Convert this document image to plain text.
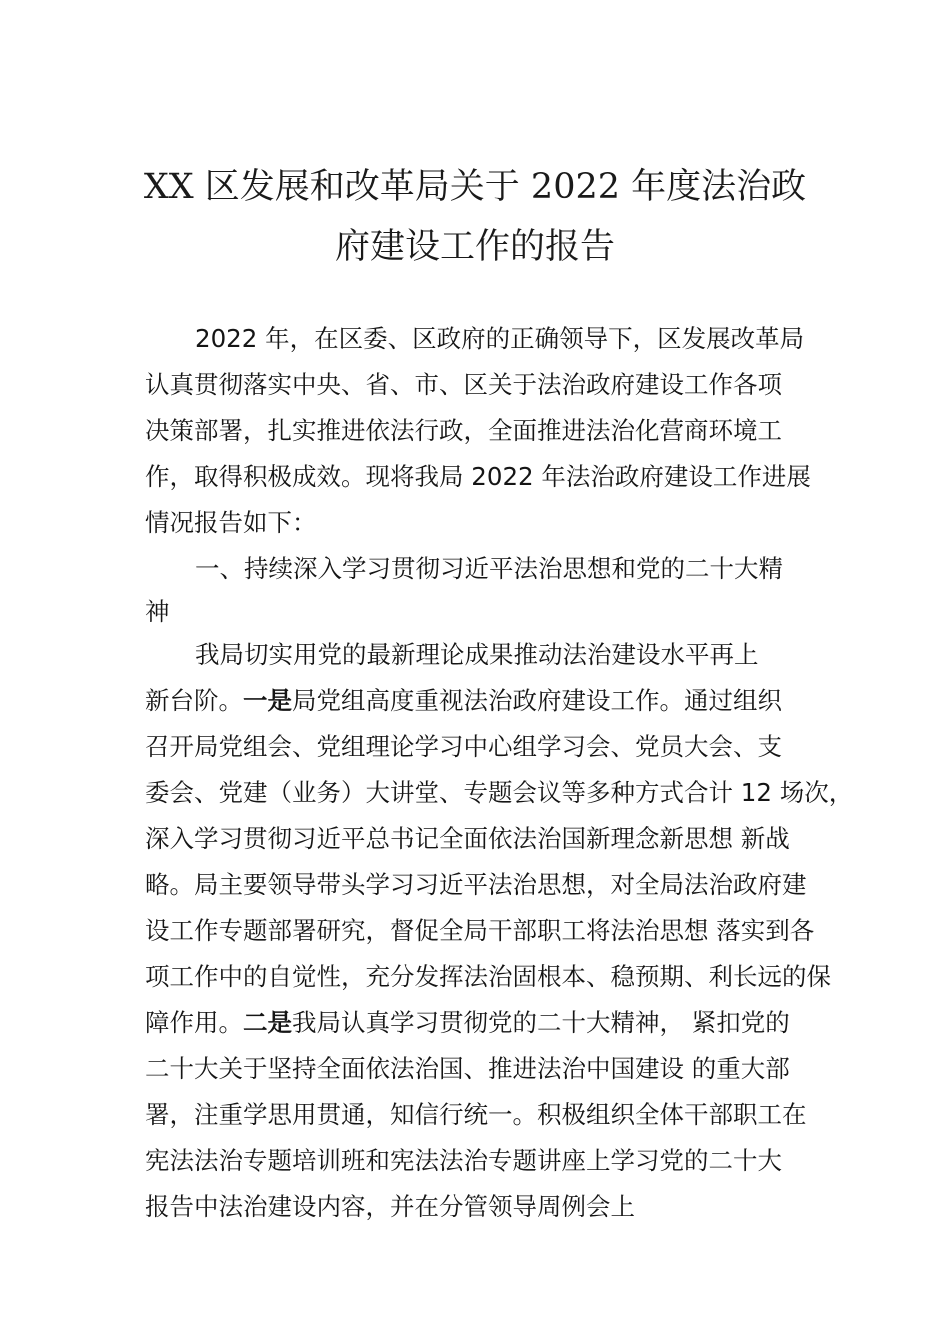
XX 区发展和改革局关于 2022 年度法治政
府建设工作的报告
2022 年，在区委、区政府的正确领导下，区发展改革局
认真贯彻落实中央、省、市、区关于法治政府建设工作各项
决策部署，扎实推进依法行政，全面推进法治化营商环境工
作，取得积极成效。现将我局 2022 年法治政府建设工作进展
情况报告如下：
一、持续深入学习贯彻习近平法治思想和党的二十大精
神
我局切实用党的最新理论成果推动法治建设水平再上
新台阶。一是局党组高度重视法治政府建设工作。通过组织
召开局党组会、党组理论学习中心组学习会、党员大会、支
委会、党建（业务）大讲堂、专题会议等多种方式合计 12 场次，
深入学习贯彻习近平总书记全面依法治国新理念新思想 新战
略。局主要领导带头学习习近平法治思想，对全局法治政府建
设工作专题部署研究，督促全局干部职工将法治思想 落实到各
项工作中的自觉性，充分发挥法治固根本、稳预期、利长远的保
障作用。二是我局认真学习贯彻党的二十大精神， 紧扣党的
二十大关于坚持全面依法治国、推进法治中国建设 的重大部
署，注重学思用贯通，知信行统一。积极组织全体干部职工在
宪法法治专题培训班和宪法法治专题讲座上学习党的二十大
报告中法治建设内容，并在分管领导周例会上
